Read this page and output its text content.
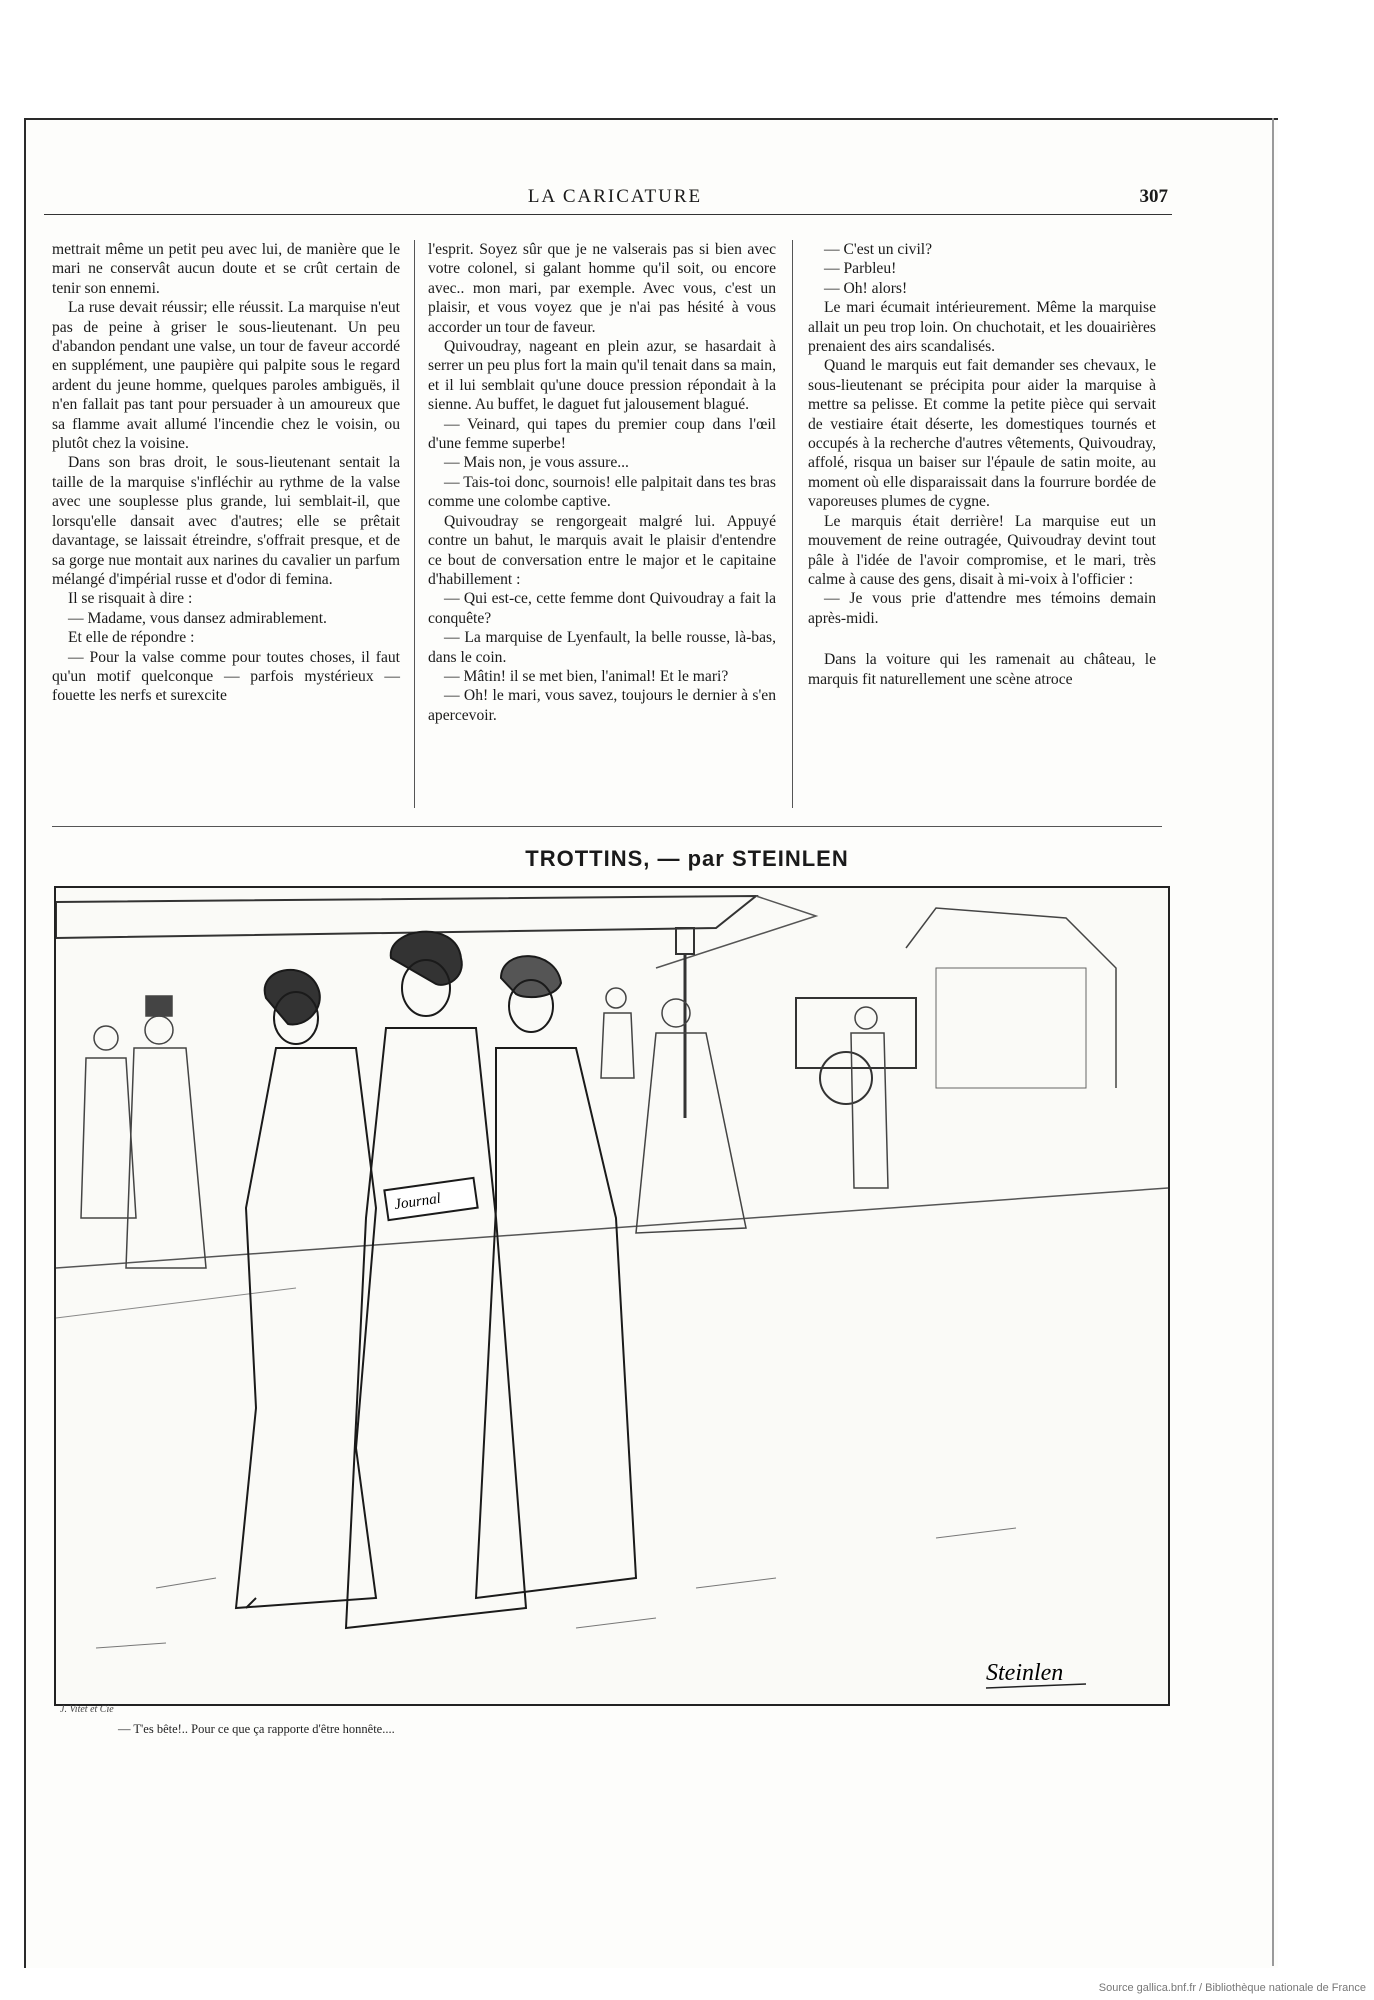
LA CARICATURE	307

mettrait même un petit peu avec lui, de manière que le mari ne conservât aucun doute et se crût certain de tenir son ennemi.

La ruse devait réussir; elle réussit. La marquise n'eut pas de peine à griser le sous-lieutenant. Un peu d'abandon pendant une valse, un tour de faveur accordé en supplément, une paupière qui palpite sous le regard ardent du jeune homme, quelques paroles ambiguës, il n'en fallait pas tant pour persuader à un amoureux que sa flamme avait allumé l'incendie chez le voisin, ou plutôt chez la voisine.

Dans son bras droit, le sous-lieutenant sentait la taille de la marquise s'infléchir au rythme de la valse avec une souplesse plus grande, lui semblait-il, que lorsqu'elle dansait avec d'autres; elle se prêtait davantage, se laissait étreindre, s'offrait presque, et de sa gorge nue montait aux narines du cavalier un parfum mélangé d'impérial russe et d'odor di femina.

Il se risquait à dire :

— Madame, vous dansez admirablement.

Et elle de répondre :

— Pour la valse comme pour toutes choses, il faut qu'un motif quelconque — parfois mystérieux — fouette les nerfs et surexcite

l'esprit. Soyez sûr que je ne valserais pas si bien avec votre colonel, si galant homme qu'il soit, ou encore avec.. mon mari, par exemple. Avec vous, c'est un plaisir, et vous voyez que je n'ai pas hésité à vous accorder un tour de faveur.

Quivoudray, nageant en plein azur, se hasardait à serrer un peu plus fort la main qu'il tenait dans sa main, et il lui semblait qu'une douce pression répondait à la sienne. Au buffet, le daguet fut jalousement blagué.

— Veinard, qui tapes du premier coup dans l'œil d'une femme superbe!

— Mais non, je vous assure...

— Tais-toi donc, sournois! elle palpitait dans tes bras comme une colombe captive.

Quivoudray se rengorgeait malgré lui. Appuyé contre un bahut, le marquis avait le plaisir d'entendre ce bout de conversation entre le major et le capitaine d'habillement :

— Qui est-ce, cette femme dont Quivoudray a fait la conquête?

— La marquise de Lyenfault, la belle rousse, là-bas, dans le coin.

— Mâtin! il se met bien, l'animal! Et le mari?

— Oh! le mari, vous savez, toujours le dernier à s'en apercevoir.

— C'est un civil?

— Parbleu!

— Oh! alors!

Le mari écumait intérieurement. Même la marquise allait un peu trop loin. On chuchotait, et les douairières prenaient des airs scandalisés.

Quand le marquis eut fait demander ses chevaux, le sous-lieutenant se précipita pour aider la marquise à mettre sa pelisse. Et comme la petite pièce qui servait de vestiaire était déserte, les domestiques tournés et occupés à la recherche d'autres vêtements, Quivoudray, affolé, risqua un baiser sur l'épaule de satin moite, au moment où elle disparaissait dans la fourrure bordée de vaporeuses plumes de cygne.

Le marquis était derrière! La marquise eut un mouvement de reine outragée, Quivoudray devint tout pâle à l'idée de l'avoir compromise, et le mari, très calme à cause des gens, disait à mi-voix à l'officier :

— Je vous prie d'attendre mes témoins demain après-midi.

Dans la voiture qui les ramenait au château, le marquis fit naturellement une scène atroce

TROTTINS, — par STEINLEN
Journal
Steinlen
J. Vitet et Cie
— T'es bête!.. Pour ce que ça rapporte d'être honnête....
Source gallica.bnf.fr / Bibliothèque nationale de France
